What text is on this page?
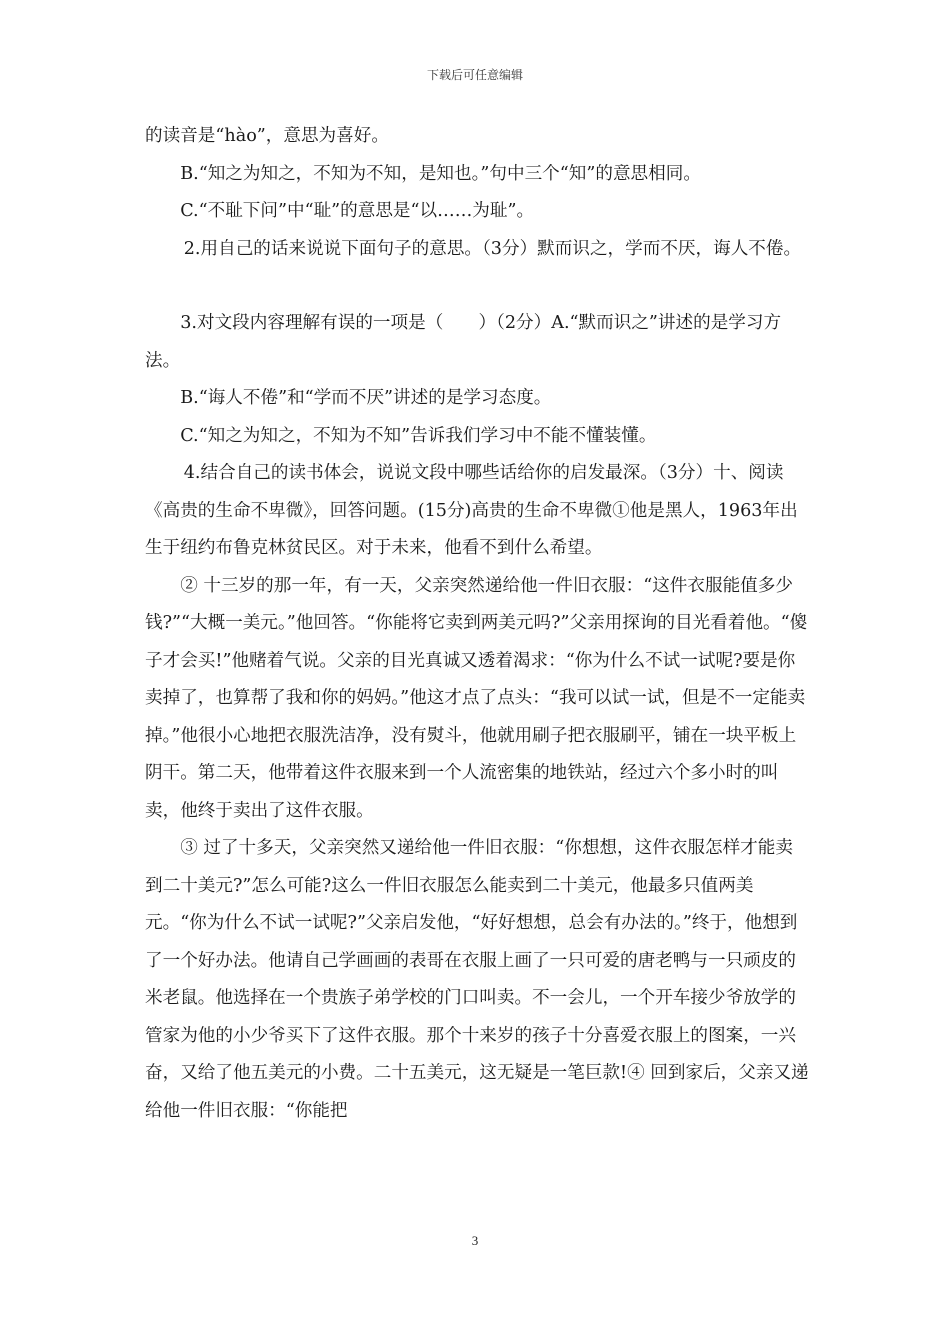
下载后可任意编辑

的读音是“hào”，意思为喜好。

B.“知之为知之，不知为不知，是知也。”句中三个“知”的意思相同。

C.“不耻下问”中“耻”的意思是“以……为耻”。

2.用自己的话来说说下面句子的意思。（3分）默而识之，学而不厌，诲人不倦。

3.对文段内容理解有误的一项是（　　）（2分）A.“默而识之”讲述的是学习方法。

B.“诲人不倦”和“学而不厌”讲述的是学习态度。

C.“知之为知之，不知为不知”告诉我们学习中不能不懂装懂。

4.结合自己的读书体会，说说文段中哪些话给你的启发最深。（3分）十、阅读《高贵的生命不卑微》，回答问题。(15分)高贵的生命不卑微①他是黑人，1963年出生于纽约布鲁克林贫民区。对于未来，他看不到什么希望。

② 十三岁的那一年，有一天，父亲突然递给他一件旧衣服：“这件衣服能值多少钱?”“大概一美元。”他回答。“你能将它卖到两美元吗?”父亲用探询的目光看着他。“傻子才会买!”他赌着气说。父亲的目光真诚又透着渴求：“你为什么不试一试呢?要是你卖掉了，也算帮了我和你的妈妈。”他这才点了点头：“我可以试一试，但是不一定能卖掉。”他很小心地把衣服洗洁净，没有熨斗，他就用刷子把衣服刷平，铺在一块平板上阴干。第二天，他带着这件衣服来到一个人流密集的地铁站，经过六个多小时的叫卖，他终于卖出了这件衣服。

③ 过了十多天，父亲突然又递给他一件旧衣服：“你想想，这件衣服怎样才能卖到二十美元?”怎么可能?这么一件旧衣服怎么能卖到二十美元，他最多只值两美元。“你为什么不试一试呢?”父亲启发他，“好好想想，总会有办法的。”终于，他想到了一个好办法。他请自己学画画的表哥在衣服上画了一只可爱的唐老鸭与一只顽皮的米老鼠。他选择在一个贵族子弟学校的门口叫卖。不一会儿，一个开车接少爷放学的管家为他的小少爷买下了这件衣服。那个十来岁的孩子十分喜爱衣服上的图案，一兴奋，又给了他五美元的小费。二十五美元，这无疑是一笔巨款!④ 回到家后，父亲又递给他一件旧衣服：“你能把

3
